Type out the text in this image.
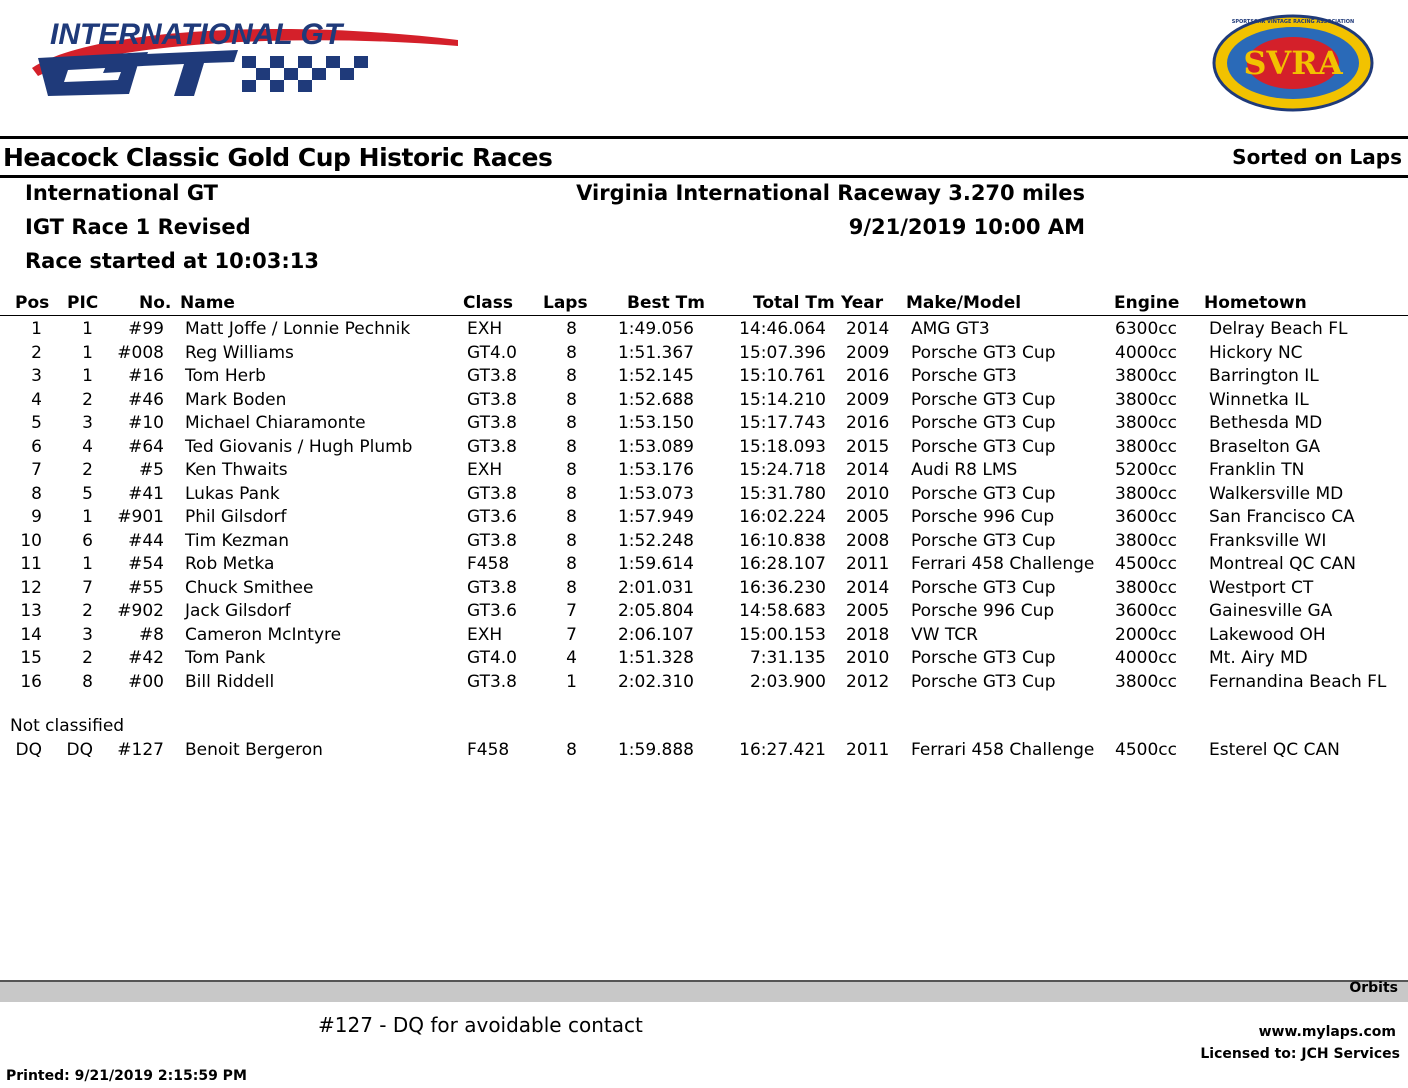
INTERNATIONAL GT
SVRA
SPORTSCAR VINTAGE RACING ASSOCIATION
Heacock Classic Gold Cup Historic Races	Sorted on Laps
International GT
IGT Race 1 Revised
Race started at 10:03:13
Virginia International Raceway 3.270 miles
9/21/2019 10:00 AM
Pos PIC No. Name	Class Laps Best Tm	Total Tm Year Make/Model	Engine Hometown
1	1	#99 Matt Joffe / Lonnie Pechnik	EXH	8	1:49.056	14:46.064 2014 AMG GT3	6300cc Delray Beach FL
2	1	#008 Reg Williams	GT4.0	8	1:51.367	15:07.396 2009 Porsche GT3 Cup	4000cc Hickory NC
3	1	#16 Tom Herb	GT3.8	8	1:52.145	15:10.761 2016 Porsche GT3	3800cc Barrington IL
4	2	#46 Mark Boden	GT3.8	8	1:52.688	15:14.210 2009 Porsche GT3 Cup	3800cc Winnetka IL
5	3	#10 Michael Chiaramonte	GT3.8	8	1:53.150	15:17.743 2016 Porsche GT3 Cup	3800cc Bethesda MD
6	4	#64 Ted Giovanis / Hugh Plumb	GT3.8	8	1:53.089	15:18.093 2015 Porsche GT3 Cup	3800cc Braselton GA
7	2	#5 Ken Thwaits	EXH	8	1:53.176	15:24.718 2014 Audi R8 LMS	5200cc Franklin TN
8	5	#41 Lukas Pank	GT3.8	8	1:53.073	15:31.780 2010 Porsche GT3 Cup	3800cc Walkersville MD
9	1	#901 Phil Gilsdorf	GT3.6	8	1:57.949	16:02.224 2005 Porsche 996 Cup	3600cc San Francisco CA
10	6	#44 Tim Kezman	GT3.8	8	1:52.248	16:10.838 2008 Porsche GT3 Cup	3800cc Franksville WI
11	1	#54 Rob Metka	F458	8	1:59.614	16:28.107 2011 Ferrari 458 Challenge	4500cc Montreal QC CAN
12	7	#55 Chuck Smithee	GT3.8	8	2:01.031	16:36.230 2014 Porsche GT3 Cup	3800cc Westport CT
13	2	#902 Jack Gilsdorf	GT3.6	7	2:05.804	14:58.683 2005 Porsche 996 Cup	3600cc Gainesville GA
14	3	#8 Cameron McIntyre	EXH	7	2:06.107	15:00.153 2018 VW TCR	2000cc Lakewood OH
15	2	#42 Tom Pank	GT4.0	4	1:51.328	7:31.135 2010 Porsche GT3 Cup	4000cc Mt. Airy MD
16	8	#00 Bill Riddell	GT3.8	1	2:02.310	2:03.900 2012 Porsche GT3 Cup	3800cc Fernandina Beach FL
DQ	DQ	#127 Benoit Bergeron	F458	8	1:59.888	16:27.421 2011 Ferrari 458 Challenge	4500cc Esterel QC CAN
Not classified
Orbits
#127 - DQ for avoidable contact	www.mylaps.com
Licensed to: JCH Services
Printed: 9/21/2019 2:15:59 PM
